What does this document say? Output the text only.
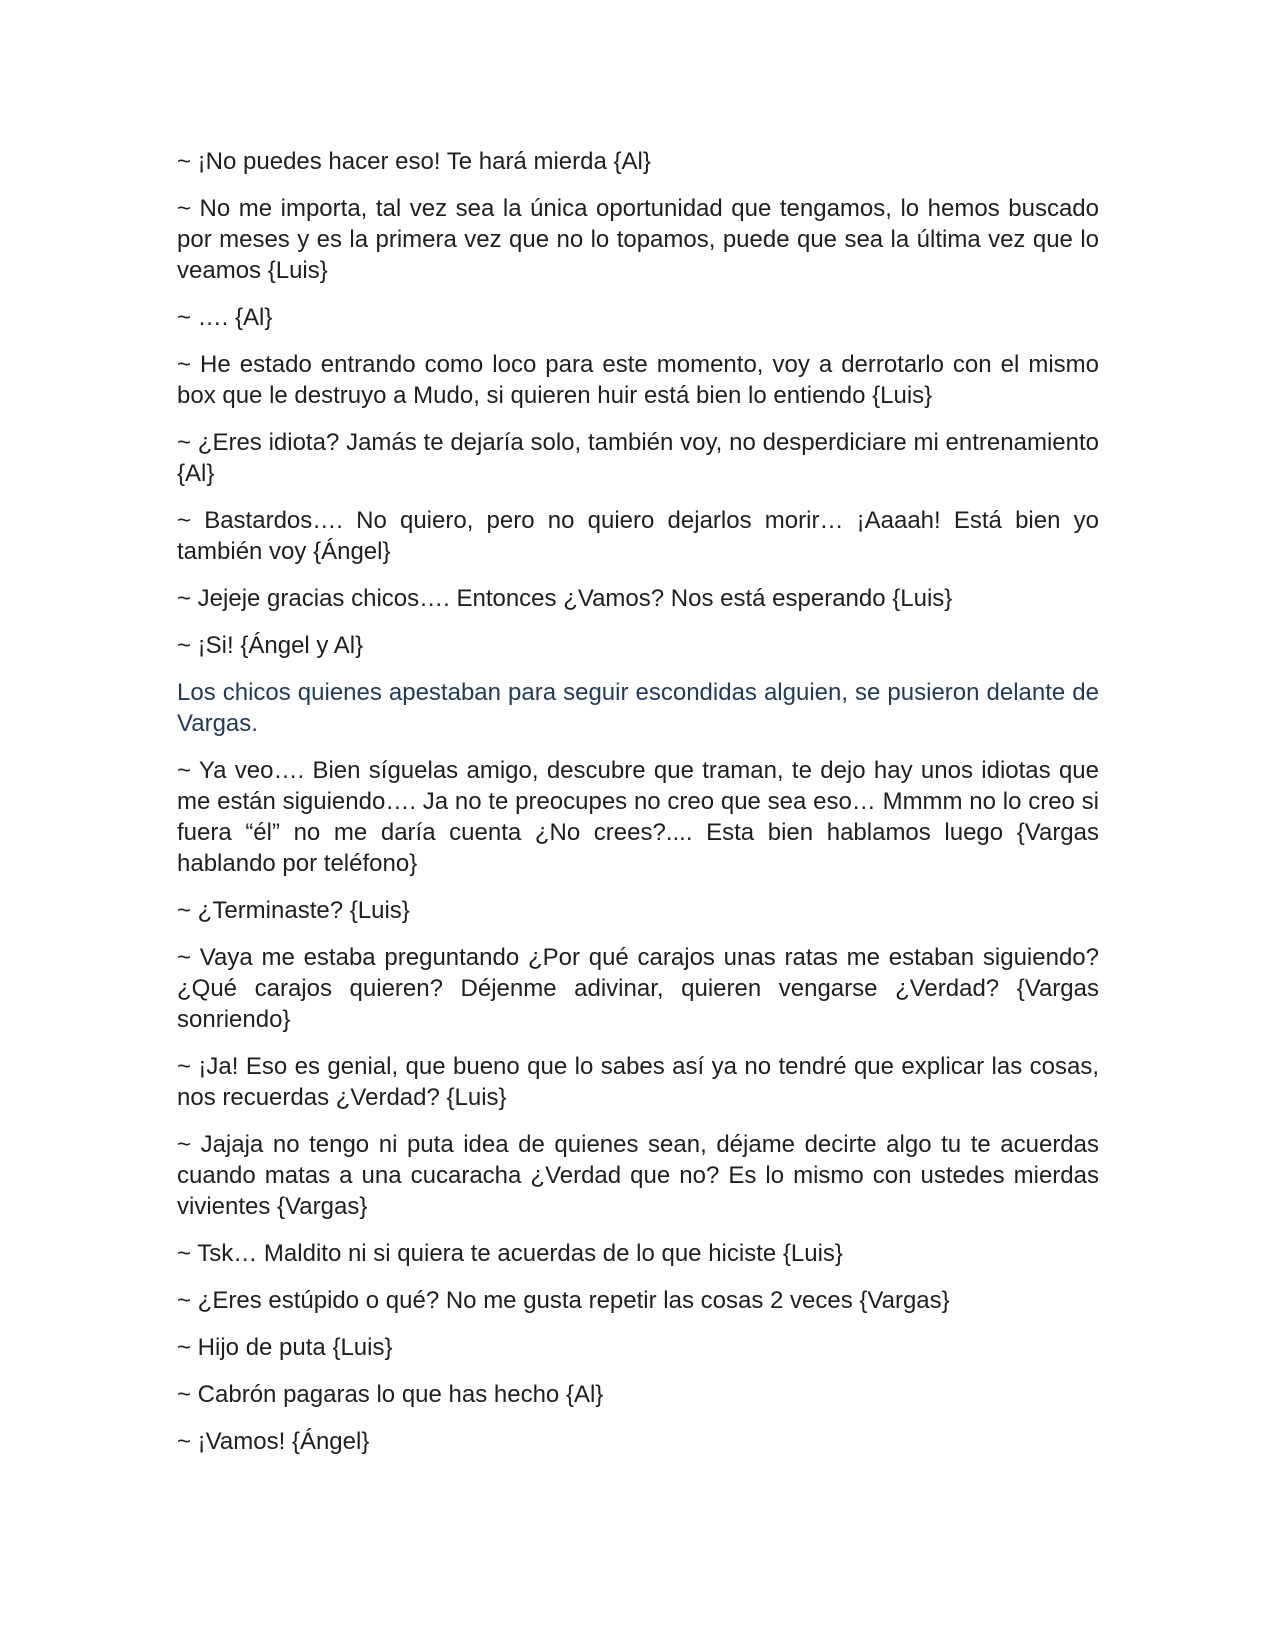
~ ¡No puedes hacer eso! Te hará mierda {Al}

~ No me importa, tal vez sea la única oportunidad que tengamos, lo hemos buscado por meses y es la primera vez que no lo topamos, puede que sea la última vez que lo veamos {Luis}

~ …. {Al}

~ He estado entrando como loco para este momento, voy a derrotarlo con el mismo box que le destruyo a Mudo, si quieren huir está bien lo entiendo {Luis}

~ ¿Eres idiota? Jamás te dejaría solo, también voy, no desperdiciare mi entrenamiento {Al}

~ Bastardos…. No quiero, pero no quiero dejarlos morir… ¡Aaaah! Está bien yo también voy {Ángel}

~ Jejeje gracias chicos…. Entonces ¿Vamos? Nos está esperando {Luis}

~ ¡Si! {Ángel y Al}

Los chicos quienes apestaban para seguir escondidas alguien, se pusieron delante de Vargas.

~ Ya veo…. Bien síguelas amigo, descubre que traman, te dejo hay unos idiotas que me están siguiendo…. Ja no te preocupes no creo que sea eso… Mmmm no lo creo si fuera “él” no me daría cuenta ¿No crees?.... Esta bien hablamos luego {Vargas hablando por teléfono}

~ ¿Terminaste? {Luis}

~ Vaya me estaba preguntando ¿Por qué carajos unas ratas me estaban siguiendo? ¿Qué carajos quieren? Déjenme adivinar, quieren vengarse ¿Verdad? {Vargas sonriendo}

~ ¡Ja! Eso es genial, que bueno que lo sabes así ya no tendré que explicar las cosas, nos recuerdas ¿Verdad? {Luis}

~ Jajaja no tengo ni puta idea de quienes sean, déjame decirte algo tu te acuerdas cuando matas a una cucaracha ¿Verdad que no? Es lo mismo con ustedes mierdas vivientes {Vargas}

~ Tsk… Maldito ni si quiera te acuerdas de lo que hiciste {Luis}

~ ¿Eres estúpido o qué? No me gusta repetir las cosas 2 veces {Vargas}

~ Hijo de puta {Luis}

~ Cabrón pagaras lo que has hecho {Al}

~ ¡Vamos! {Ángel}
